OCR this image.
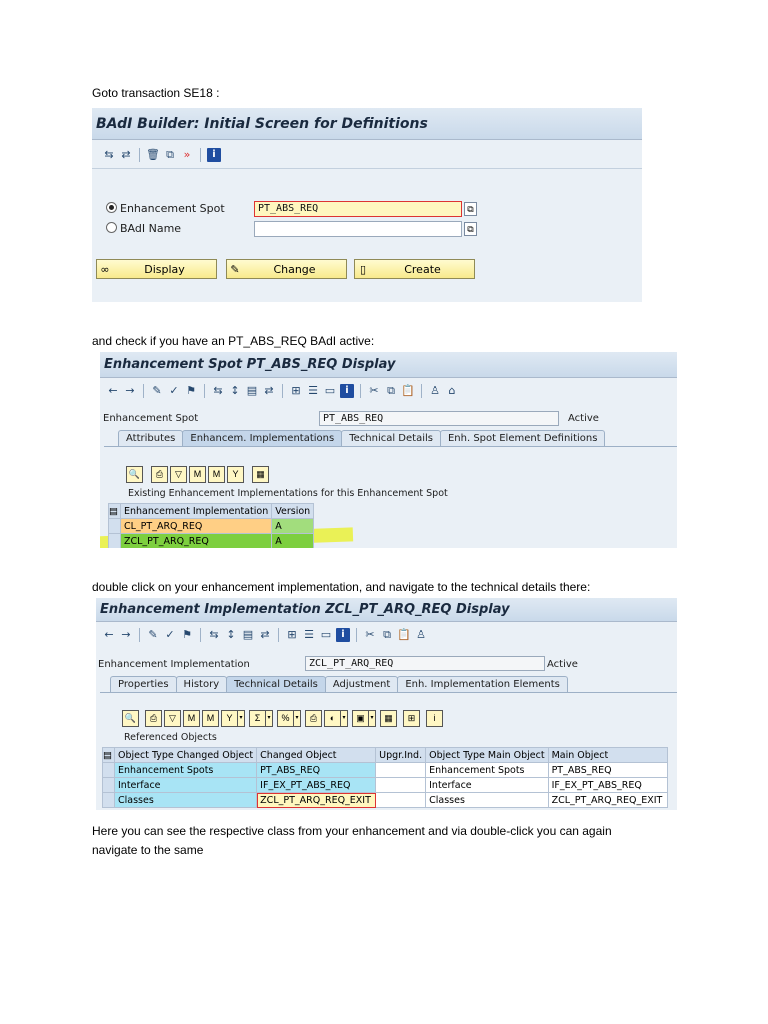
Goto transaction SE18 :
BAdI Builder: Initial Screen for Definitions
⇆ ⇄ 🗑 ⧉ »	i
Enhancement Spot	PT_ABS_REQ	⧉
BAdI Name	⧉
∞	Display	✎	Change	▯	Create
and check if you have an PT_ABS_REQ BAdI active:
Enhancement Spot PT_ABS_REQ Display
← → ✎ ✓ ⚑ ⇆ ↕ ▤ ⇄ ⊞ ☰ ▭	i	✂ ⧉ 📋 ♙ ⌂
Enhancement Spot	PT_ABS_REQ	Active
Attributes	Enhancem. Implementations	Technical Details	Enh. Spot Element Definitions
🔍	⎙	▽	M	M	Y	▦
Existing Enhancement Implementations for this Enhancement Spot
▤	Enhancement Implementation	Version
	CL_PT_ARQ_REQ	A
	ZCL_PT_ARQ_REQ	A
double click on your enhancement implementation, and navigate to the technical details there:
Enhancement Implementation ZCL_PT_ARQ_REQ Display
← → ✎ ✓ ⚑ ⇆ ↕ ▤ ⇄ ⊞ ☰ ▭	i	✂ ⧉ 📋 ♙
Enhancement Implementation	ZCL_PT_ARQ_REQ	Active
Properties	History	Technical Details	Adjustment	Enh. Implementation Elements
🔍	⎙	▽	M	M	Y	▾	Σ	▾	% ▾	⎙	◐	▾	▣ ▾	▦	⊞	i
Referenced Objects
▤	Object Type Changed Object	Changed Object	Upgr.Ind.	Object Type Main Object	Main Object
	Enhancement Spots	PT_ABS_REQ		Enhancement Spots	PT_ABS_REQ
	Interface	IF_EX_PT_ABS_REQ		Interface	IF_EX_PT_ABS_REQ
	Classes	ZCL_PT_ARQ_REQ_EXIT		Classes	ZCL_PT_ARQ_REQ_EXIT
Here you can see the respective class from your enhancement and via double-click you can again
navigate to the same
